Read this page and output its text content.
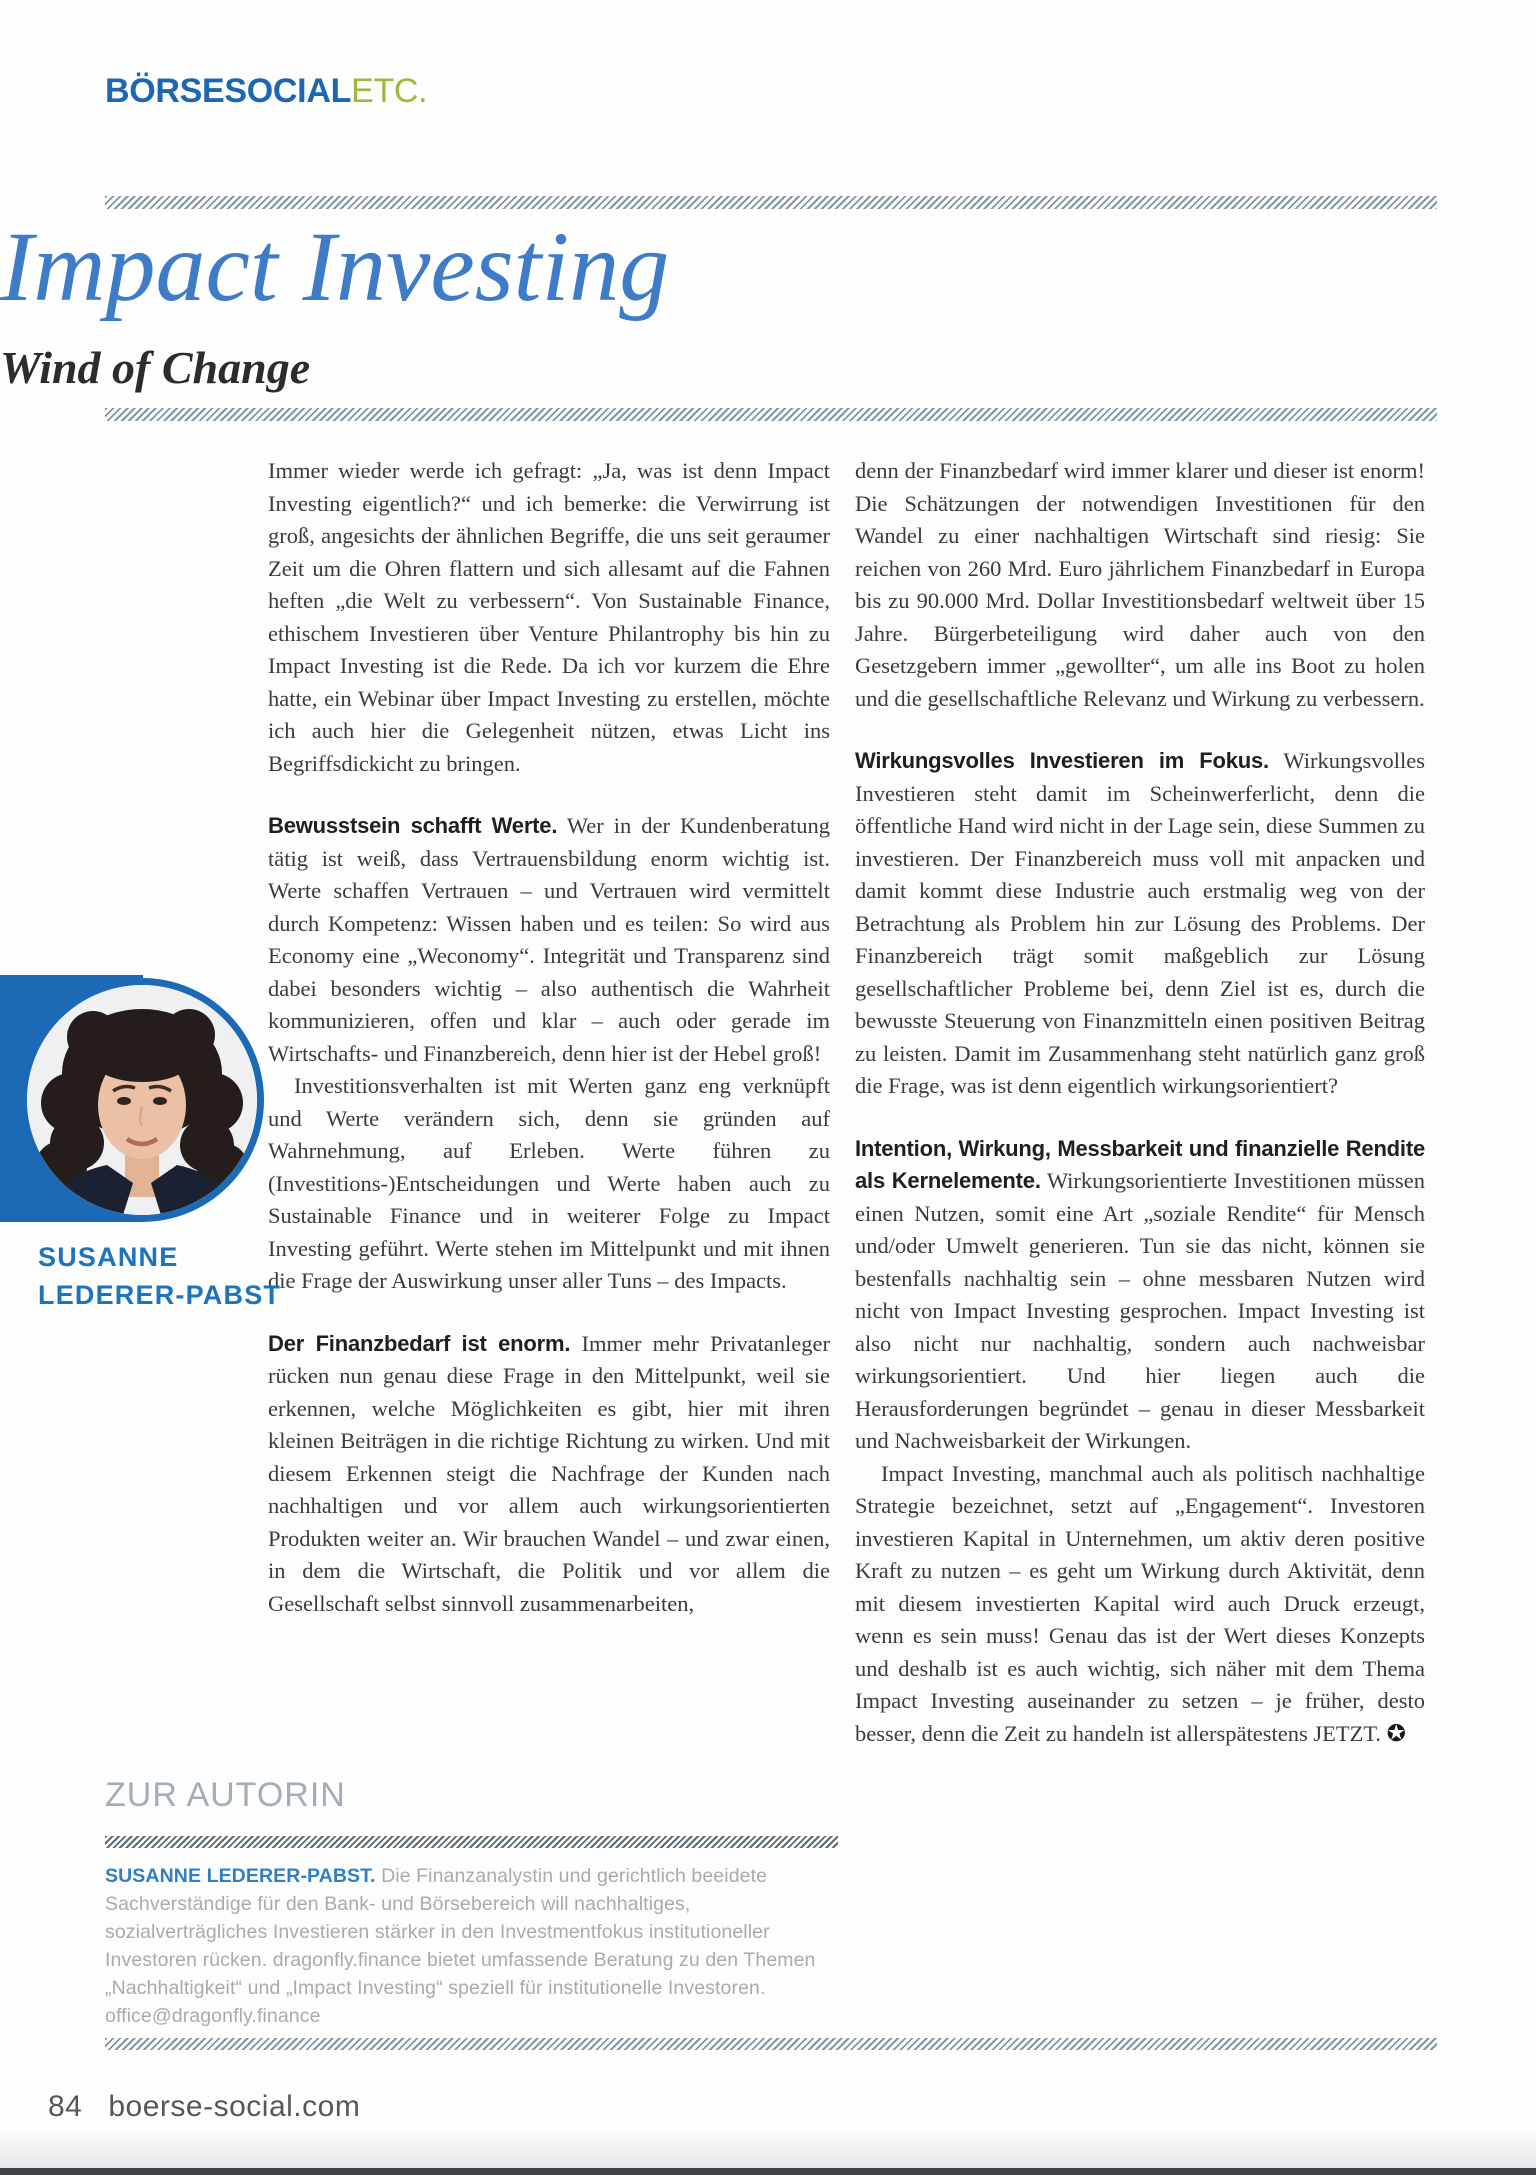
BÖRSESOCIALETC.
Impact Investing
Wind of Change

Immer wieder werde ich gefragt: „Ja, was ist denn Impact Investing eigentlich?“ und ich bemerke: die Verwirrung ist groß, angesichts der ähnlichen Begriffe, die uns seit geraumer Zeit um die Ohren flattern und sich allesamt auf die Fahnen heften „die Welt zu verbessern“. Von Sustainable Finance, ethischem Investieren über Venture Philantrophy bis hin zu Impact Investing ist die Rede. Da ich vor kurzem die Ehre hatte, ein Webinar über Impact Investing zu erstellen, möchte ich auch hier die Gelegenheit nützen, etwas Licht ins Begriffsdickicht zu bringen.

Bewusstsein schafft Werte. Wer in der Kundenberatung tätig ist weiß, dass Vertrauensbildung enorm wichtig ist. Werte schaffen Vertrauen – und Vertrauen wird vermittelt durch Kompetenz: Wissen haben und es teilen: So wird aus Economy eine „Weconomy“. Integrität und Transparenz sind dabei besonders wichtig – also authentisch die Wahrheit kommunizieren, offen und klar – auch oder gerade im Wirtschafts- und Finanzbereich, denn hier ist der Hebel groß!

Investitionsverhalten ist mit Werten ganz eng verknüpft und Werte verändern sich, denn sie gründen auf Wahrnehmung, auf Erleben. Werte führen zu (Investitions-)Entscheidungen und Werte haben auch zu Sustainable Finance und in weiterer Folge zu Impact Investing geführt. Werte stehen im Mittelpunkt und mit ihnen die Frage der Auswirkung unser aller Tuns – des Impacts.

Der Finanzbedarf ist enorm. Immer mehr Privatanleger rücken nun genau diese Frage in den Mittelpunkt, weil sie erkennen, welche Möglichkeiten es gibt, hier mit ihren kleinen Beiträgen in die richtige Richtung zu wirken. Und mit diesem Erkennen steigt die Nachfrage der Kunden nach nachhaltigen und vor allem auch wirkungsorientierten Produkten weiter an. Wir brauchen Wandel – und zwar einen, in dem die Wirtschaft, die Politik und vor allem die Gesellschaft selbst sinnvoll zusammenarbeiten,

denn der Finanzbedarf wird immer klarer und dieser ist enorm! Die Schätzungen der notwendigen Investitionen für den Wandel zu einer nachhaltigen Wirtschaft sind riesig: Sie reichen von 260 Mrd. Euro jährlichem Finanzbedarf in Europa bis zu 90.000 Mrd. Dollar Investitionsbedarf weltweit über 15 Jahre. Bürgerbeteiligung wird daher auch von den Gesetzgebern immer „gewollter“, um alle ins Boot zu holen und die gesellschaftliche Relevanz und Wirkung zu verbessern.

Wirkungsvolles Investieren im Fokus. Wirkungsvolles Investieren steht damit im Scheinwerferlicht, denn die öffentliche Hand wird nicht in der Lage sein, diese Summen zu investieren. Der Finanzbereich muss voll mit anpacken und damit kommt diese Industrie auch erstmalig weg von der Betrachtung als Problem hin zur Lösung des Problems. Der Finanzbereich trägt somit maßgeblich zur Lösung gesellschaftlicher Probleme bei, denn Ziel ist es, durch die bewusste Steuerung von Finanzmitteln einen positiven Beitrag zu leisten. Damit im Zusammenhang steht natürlich ganz groß die Frage, was ist denn eigentlich wirkungsorientiert?

Intention, Wirkung, Messbarkeit und finanzielle Rendite als Kernelemente. Wirkungsorientierte Investitionen müssen einen Nutzen, somit eine Art „soziale Rendite“ für Mensch und/oder Umwelt generieren. Tun sie das nicht, können sie bestenfalls nachhaltig sein – ohne messbaren Nutzen wird nicht von Impact Investing gesprochen. Impact Investing ist also nicht nur nachhaltig, sondern auch nachweisbar wirkungsorientiert. Und hier liegen auch die Herausforderungen begründet – genau in dieser Messbarkeit und Nachweisbarkeit der Wirkungen.

Impact Investing, manchmal auch als politisch nachhaltige Strategie bezeichnet, setzt auf „Engagement“. Investoren investieren Kapital in Unternehmen, um aktiv deren positive Kraft zu nutzen – es geht um Wirkung durch Aktivität, denn mit diesem investierten Kapital wird auch Druck erzeugt, wenn es sein muss! Genau das ist der Wert dieses Konzepts und deshalb ist es auch wichtig, sich näher mit dem Thema Impact Investing auseinander zu setzen – je früher, desto besser, denn die Zeit zu handeln ist allerspätestens JETZT. ✪

SUSANNE
LEDERER-PABST
ZUR AUTORIN

SUSANNE LEDERER-PABST. Die Finanzanalystin und gerichtlich beeidete Sachverständige für den Bank- und Börsebereich will nachhaltiges, sozialverträgliches Investieren stärker in den Investmentfokus institutioneller Investoren rücken. dragonfly.finance bietet umfassende Beratung zu den Themen „Nachhaltigkeit“ und „Impact Investing“ speziell für institutionelle Investoren. office@dragonfly.finance

84 boerse-social.com
